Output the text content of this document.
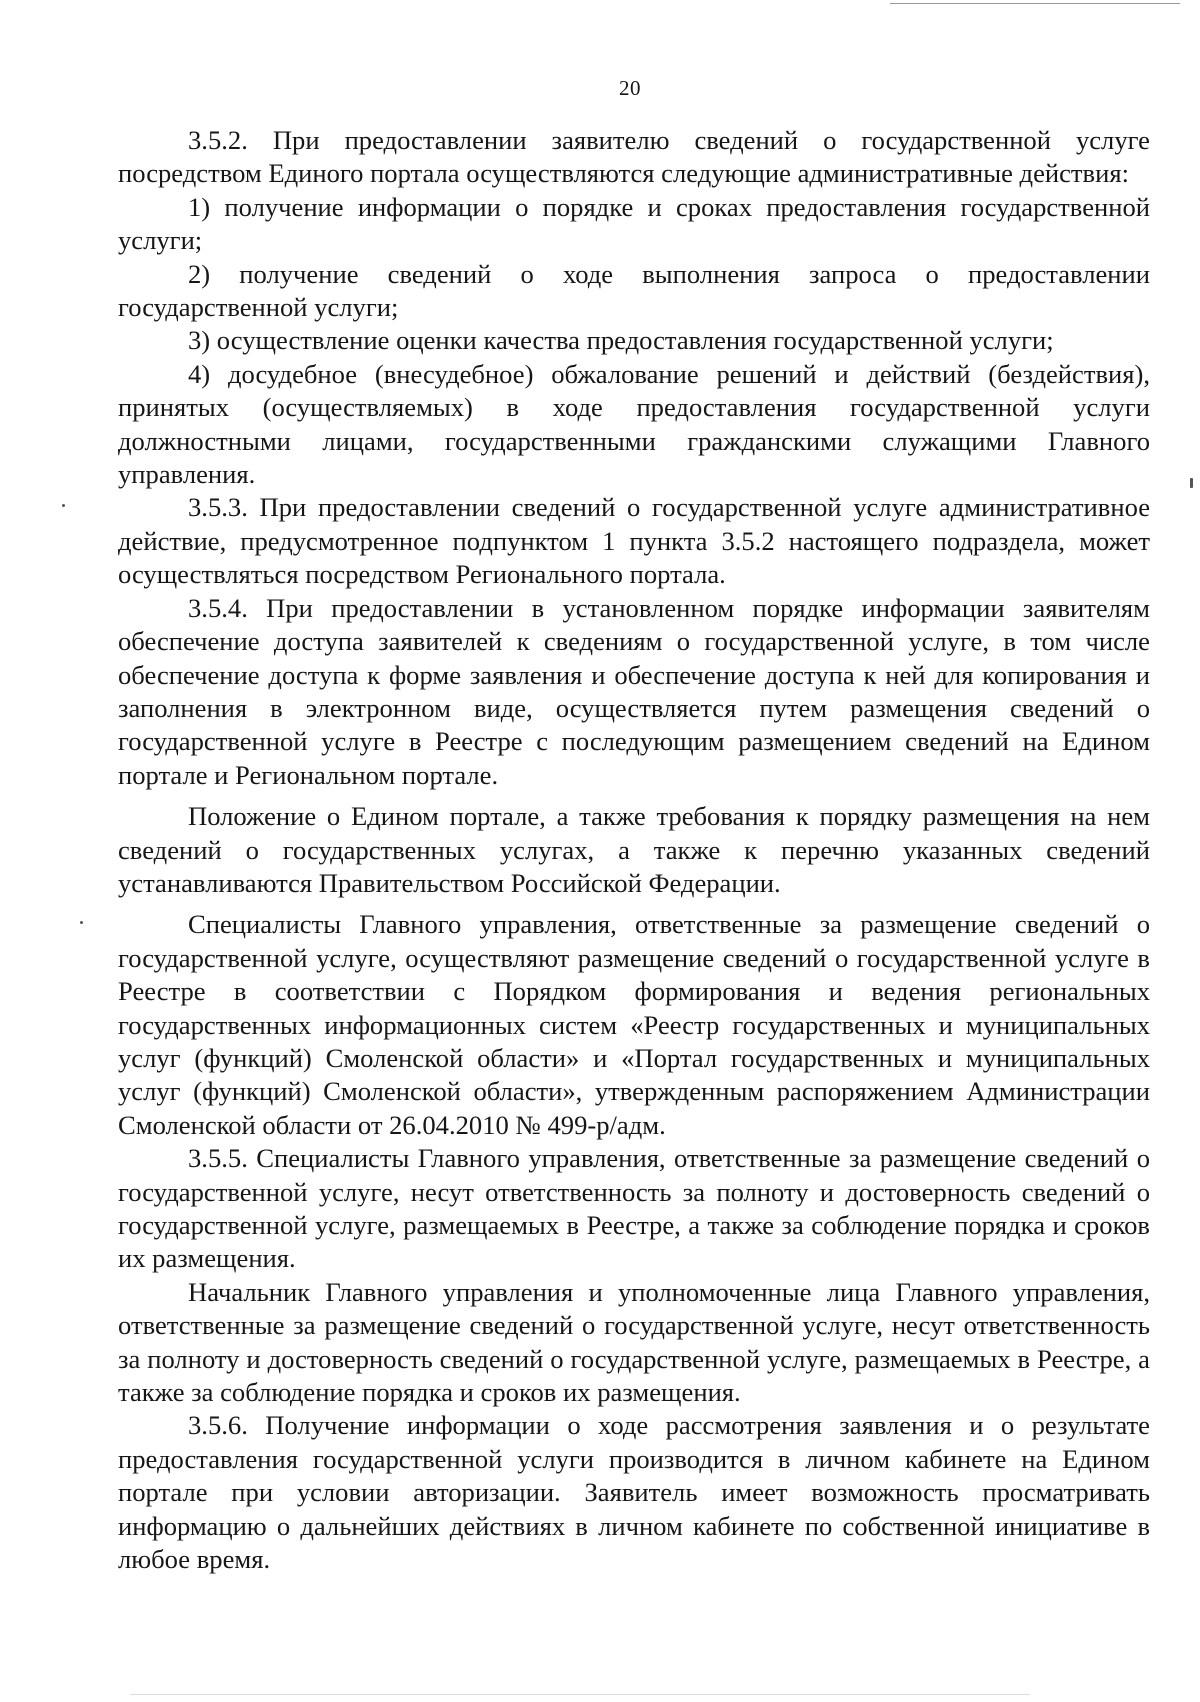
20

3.5.2. При предоставлении заявителю сведений о государственной услуге посредством Единого портала осуществляются следующие административные действия:

1) получение информации о порядке и сроках предоставления государственной услуги;

2) получение сведений о ходе выполнения запроса о предоставлении государственной услуги;

3) осуществление оценки качества предоставления государственной услуги;

4) досудебное (внесудебное) обжалование решений и действий (бездействия), принятых (осуществляемых) в ходе предоставления государственной услуги должностными лицами, государственными гражданскими служащими Главного управления.

3.5.3. При предоставлении сведений о государственной услуге административное действие, предусмотренное подпунктом 1 пункта 3.5.2 настоящего подраздела, может осуществляться посредством Регионального портала.

3.5.4. При предоставлении в установленном порядке информации заявителям обеспечение доступа заявителей к сведениям о государственной услуге, в том числе обеспечение доступа к форме заявления и обеспечение доступа к ней для копирования и заполнения в электронном виде, осуществляется путем размещения сведений о государственной услуге в Реестре с последующим размещением сведений на Едином портале и Региональном портале.

Положение о Едином портале, а также требования к порядку размещения на нем сведений о государственных услугах, а также к перечню указанных сведений устанавливаются Правительством Российской Федерации.

Специалисты Главного управления, ответственные за размещение сведений о государственной услуге, осуществляют размещение сведений о государственной услуге в Реестре в соответствии с Порядком формирования и ведения региональных государственных информационных систем «Реестр государственных и муниципальных услуг (функций) Смоленской области» и «Портал государственных и муниципальных услуг (функций) Смоленской области», утвержденным распоряжением Администрации Смоленской области от 26.04.2010 № 499-р/адм.

3.5.5. Специалисты Главного управления, ответственные за размещение сведений о государственной услуге, несут ответственность за полноту и достоверность сведений о государственной услуге, размещаемых в Реестре, а также за соблюдение порядка и сроков их размещения.

Начальник Главного управления и уполномоченные лица Главного управления, ответственные за размещение сведений о государственной услуге, несут ответственность за полноту и достоверность сведений о государственной услуге, размещаемых в Реестре, а также за соблюдение порядка и сроков их размещения.

3.5.6. Получение информации о ходе рассмотрения заявления и о результате предоставления государственной услуги производится в личном кабинете на Едином портале при условии авторизации. Заявитель имеет возможность просматривать информацию о дальнейших действиях в личном кабинете по собственной инициативе в любое время.
